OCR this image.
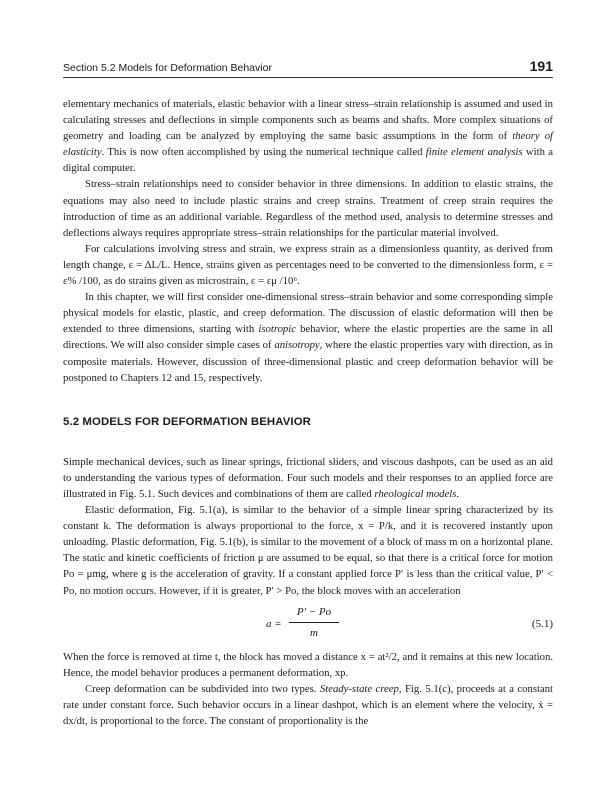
Section 5.2 Models for Deformation Behavior	191

elementary mechanics of materials, elastic behavior with a linear stress–strain relationship is assumed and used in calculating stresses and deflections in simple components such as beams and shafts. More complex situations of geometry and loading can be analyzed by employing the same basic assumptions in the form of theory of elasticity. This is now often accomplished by using the numerical technique called finite element analysis with a digital computer.

Stress–strain relationships need to consider behavior in three dimensions. In addition to elastic strains, the equations may also need to include plastic strains and creep strains. Treatment of creep strain requires the introduction of time as an additional variable. Regardless of the method used, analysis to determine stresses and deflections always requires appropriate stress–strain relationships for the particular material involved.

For calculations involving stress and strain, we express strain as a dimensionless quantity, as derived from length change, ε = ΔL/L. Hence, strains given as percentages need to be converted to the dimensionless form, ε = ε% /100, as do strains given as microstrain, ε = εμ /10⁶.

In this chapter, we will first consider one-dimensional stress–strain behavior and some corresponding simple physical models for elastic, plastic, and creep deformation. The discussion of elastic deformation will then be extended to three dimensions, starting with isotropic behavior, where the elastic properties are the same in all directions. We will also consider simple cases of anisotropy, where the elastic properties vary with direction, as in composite materials. However, discussion of three-dimensional plastic and creep deformation behavior will be postponed to Chapters 12 and 15, respectively.

5.2 MODELS FOR DEFORMATION BEHAVIOR

Simple mechanical devices, such as linear springs, frictional sliders, and viscous dashpots, can be used as an aid to understanding the various types of deformation. Four such models and their responses to an applied force are illustrated in Fig. 5.1. Such devices and combinations of them are called rheological models.

Elastic deformation, Fig. 5.1(a), is similar to the behavior of a simple linear spring characterized by its constant k. The deformation is always proportional to the force, x = P/k, and it is recovered instantly upon unloading. Plastic deformation, Fig. 5.1(b), is similar to the movement of a block of mass m on a horizontal plane. The static and kinetic coefficients of friction μ are assumed to be equal, so that there is a critical force for motion Po = μmg, where g is the acceleration of gravity. If a constant applied force P′ is less than the critical value, P′ < Po, no motion occurs. However, if it is greater, P′ > Po, the block moves with an acceleration

$a = \frac{P' - Po}{m}$	(5.1)

When the force is removed at time t, the block has moved a distance x = at²/2, and it remains at this new location. Hence, the model behavior produces a permanent deformation, xp.

Creep deformation can be subdivided into two types. Steady-state creep, Fig. 5.1(c), proceeds at a constant rate under constant force. Such behavior occurs in a linear dashpot, which is an element where the velocity, ẋ = dx/dt, is proportional to the force. The constant of proportionality is the
